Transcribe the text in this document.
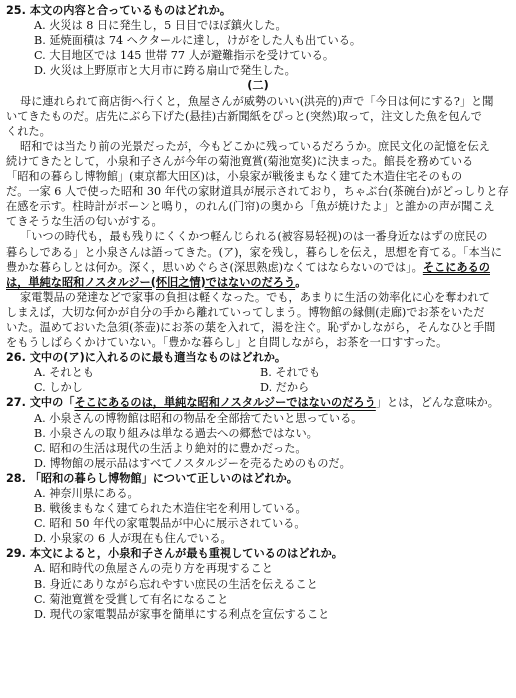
25. 本文の内容と合っているものはどれか。
A. 火災は 8 日に発生し，5 日目でほぼ鎮火した。
B. 延焼面積は 74 ヘクタールに達し，けがをした人も出ている。
C. 大目地区では 145 世帯 77 人が避難指示を受けている。
D. 火災は上野原市と大月市に跨る扇山で発生した。
(二)
母に連れられて商店街へ行くと，魚屋さんが威勢のいい(洪亮的)声で「今日は何にする?」と聞
いてきたものだ。店先にぶら下げた(悬挂)古新聞紙をぴっと(突然)取って，注文した魚を包んで
くれた。
昭和では当たり前の光景だったが，今もどこかに残っているだろうか。庶民文化の記憶を伝え
続けてきたとして，小泉和子さんが今年の菊池寛賞(菊池宽奖)に決まった。館長を務めている
「昭和の暮らし博物館」(東京都大田区)は，小泉家が戦後まもなく建てた木造住宅そのもの
だ。一家 6 人で使った昭和 30 年代の家財道具が展示されており，ちゃぶ台(茶碗台)がどっしりと存
在感を示す。柱時計がボーンと鳴り，のれん(门帘)の奥から「魚が焼けたよ」と誰かの声が聞こえ
てきそうな生活の匂いがする。
「いつの時代も，最も残りにくくかつ軽んじられる(被容易轻视)のは一番身近なはずの庶民の
暮らしである」と小泉さんは語ってきた。(ア)，家を残し，暮らしを伝え，思想を育てる。「本当に
豊かな暮らしとは何か。深く，思いめぐらさ(深思熟虑)なくてはならないのでは」。そこにあるの
は，単純な昭和ノスタルジー(怀旧之情)ではないのだろう。
家電製品の発達などで家事の負担は軽くなった。でも，あまりに生活の効率化に心を奪われて
しまえば，大切な何かが自分の手から離れていってしまう。博物館の縁側(走廊)でお茶をいただ
いた。温めておいた急須(茶壶)にお茶の葉を入れて，湯を注ぐ。恥ずかしながら，そんなひと手間
をもうしばらくかけていない。「豊かな暮らし」と自問しながら，お茶を一口すすった。
26. 文中の(ア)に入れるのに最も適当なものはどれか。
A. それとも	B. それでも
C. しかし	D. だから
27. 文中の「そこにあるのは，単純な昭和ノスタルジーではないのだろう」とは，どんな意味か。
A. 小泉さんの博物館は昭和の物品を全部捨てたいと思っている。
B. 小泉さんの取り組みは単なる過去への郷愁ではない。
C. 昭和の生活は現代の生活より絶対的に豊かだった。
D. 博物館の展示品はすべてノスタルジーを売るためのものだ。
28. 「昭和の暮らし博物館」について正しいのはどれか。
A. 神奈川県にある。
B. 戦後まもなく建てられた木造住宅を利用している。
C. 昭和 50 年代の家電製品が中心に展示されている。
D. 小泉家の 6 人が現在も住んでいる。
29. 本文によると，小泉和子さんが最も重視しているのはどれか。
A. 昭和時代の魚屋さんの売り方を再現すること
B. 身近にありながら忘れやすい庶民の生活を伝えること
C. 菊池寛賞を受賞して有名になること
D. 現代の家電製品が家事を簡単にする利点を宣伝すること
